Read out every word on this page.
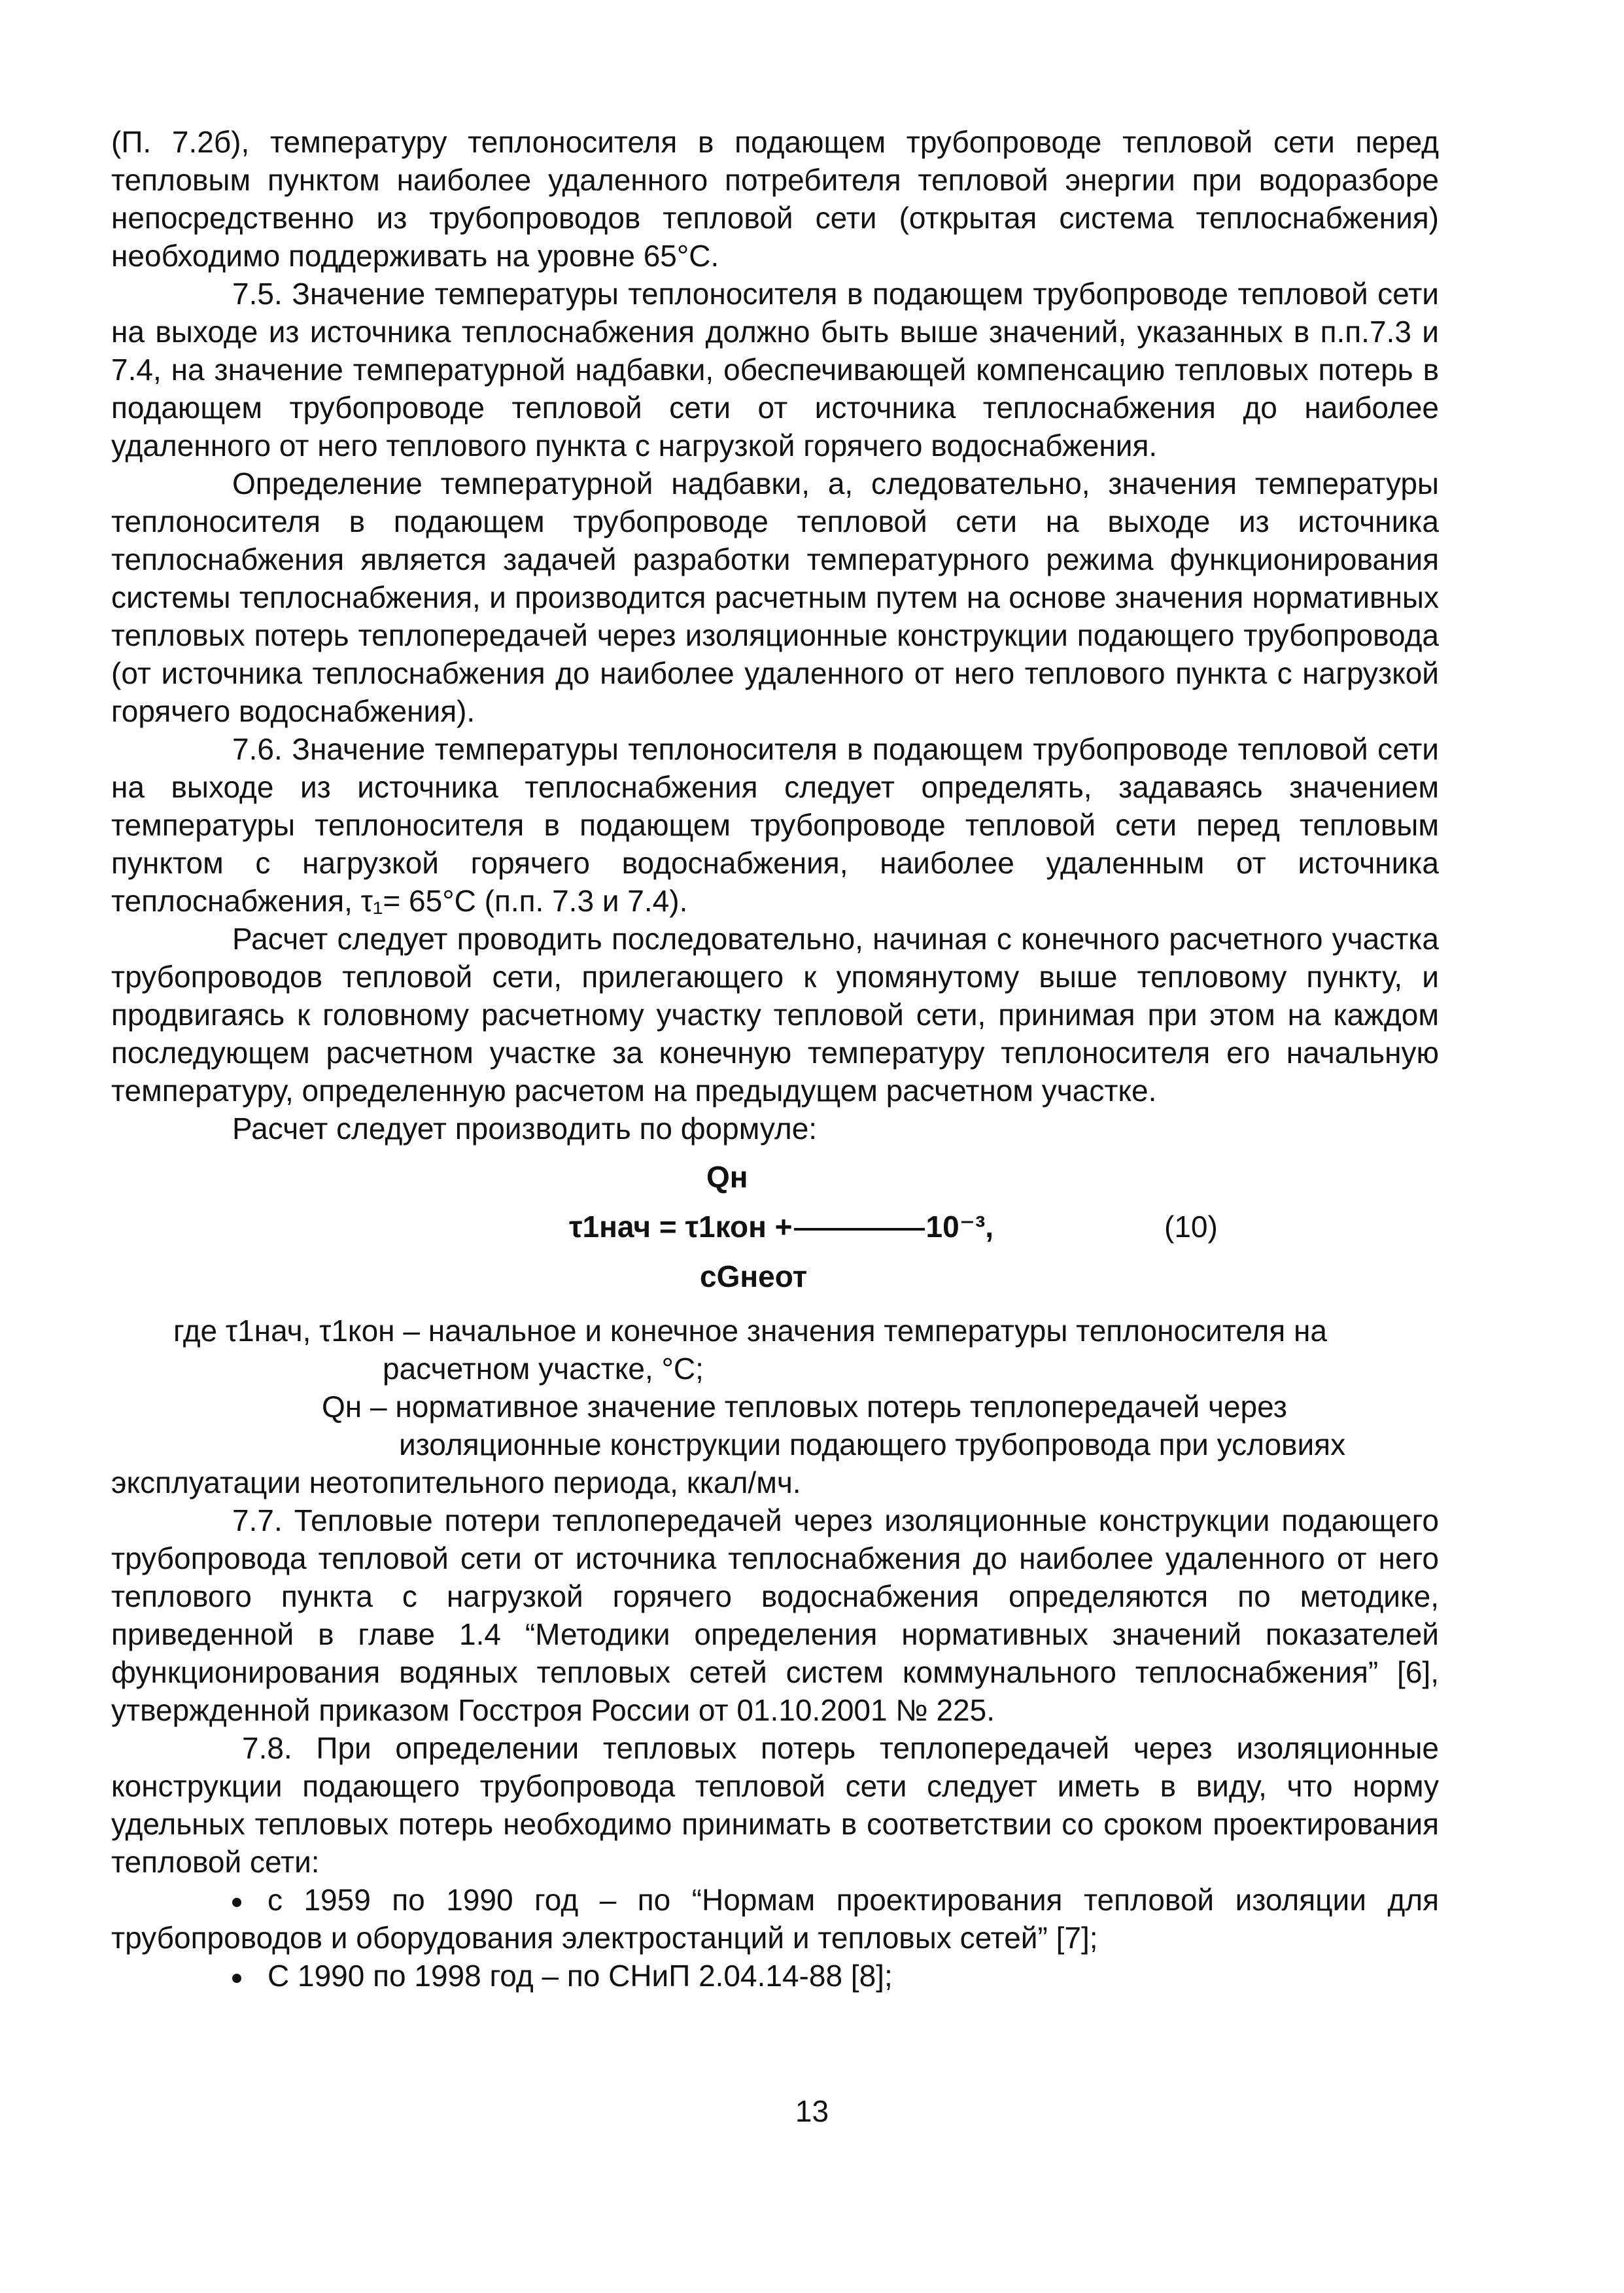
(П. 7.2б), температуру теплоносителя в подающем трубопроводе тепловой сети перед тепловым пунктом наиболее удаленного потребителя тепловой энергии при водоразборе непосредственно из трубопроводов тепловой сети (открытая система теплоснабжения) необходимо поддерживать на уровне 65°С.

7.5. Значение температуры теплоносителя в подающем трубопроводе тепловой сети на выходе из источника теплоснабжения должно быть выше значений, указанных в п.п.7.3 и 7.4, на значение температурной надбавки, обеспечивающей компенсацию тепловых потерь в подающем трубопроводе тепловой сети от источника теплоснабжения до наиболее удаленного от него теплового пункта с нагрузкой горячего водоснабжения.

Определение температурной надбавки, а, следовательно, значения температуры теплоносителя в подающем трубопроводе тепловой сети на выходе из источника теплоснабжения является задачей разработки температурного режима функционирования системы теплоснабжения, и производится расчетным путем на основе значения нормативных тепловых потерь теплопередачей через изоляционные конструкции подающего трубопровода (от источника теплоснабжения до наиболее удаленного от него теплового пункта с нагрузкой горячего водоснабжения).

7.6. Значение температуры теплоносителя в подающем трубопроводе тепловой сети на выходе из источника теплоснабжения следует определять, задаваясь значением температуры теплоносителя в подающем трубопроводе тепловой сети перед тепловым пунктом с нагрузкой горячего водоснабжения, наиболее удаленным от источника теплоснабжения, τ₁= 65°С (п.п. 7.3 и 7.4).

Расчет следует проводить последовательно, начиная с конечного расчетного участка трубопроводов тепловой сети, прилегающего к упомянутому выше тепловому пункту, и продвигаясь к головному расчетному участку тепловой сети, принимая при этом на каждом последующем расчетном участке за конечную температуру теплоносителя его начальную температуру, определенную расчетом на предыдущем расчетном участке.

Расчет следует производить по формуле:

Qн
τ1нач = τ1кон +	10⁻³,
cGнеот
(10)

где τ1нач, τ1кон – начальное и конечное значения температуры теплоносителя на

расчетном участке, °С;

Qн – нормативное значение тепловых потерь теплопередачей через

изоляционные конструкции подающего трубопровода при условиях

эксплуатации неотопительного периода, ккал/мч.

7.7. Тепловые потери теплопередачей через изоляционные конструкции подающего трубопровода тепловой сети от источника теплоснабжения до наиболее удаленного от него теплового пункта с нагрузкой горячего водоснабжения определяются по методике, приведенной в главе 1.4 “Методики определения нормативных значений показателей функционирования водяных тепловых сетей систем коммунального теплоснабжения” [6], утвержденной приказом Госстроя России от 01.10.2001 № 225.

7.8. При определении тепловых потерь теплопередачей через изоляционные конструкции подающего трубопровода тепловой сети следует иметь в виду, что норму удельных тепловых потерь необходимо принимать в соответствии со сроком проектирования тепловой сети:

с 1959 по 1990 год – по “Нормам проектирования тепловой изоляции для трубопроводов и оборудования электростанций и тепловых сетей” [7];

С 1990 по 1998 год – по СНиП 2.04.14-88 [8];

13
